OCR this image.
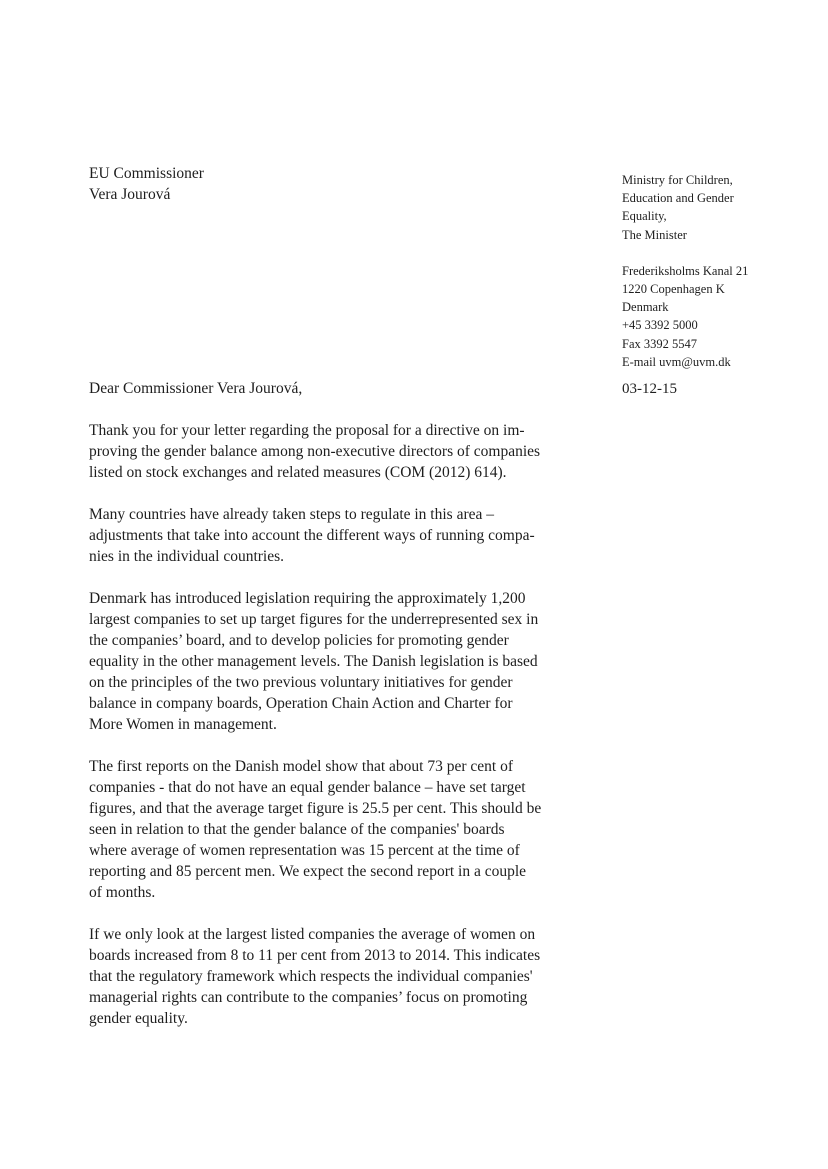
EU Commissioner
Vera Jourová
Ministry for Children,
Education and Gender
Equality,
The Minister
Frederiksholms Kanal 21
1220 Copenhagen K
Denmark
+45 3392 5000
Fax 3392 5547
E-mail uvm@uvm.dk
Dear Commissioner Vera Jourová,	03-12-15

Thank you for your letter regarding the proposal for a directive on im-
proving the gender balance among non-executive directors of companies
listed on stock exchanges and related measures (COM (2012) 614).

Many countries have already taken steps to regulate in this area –
adjustments that take into account the different ways of running compa-
nies in the individual countries.

Denmark has introduced legislation requiring the approximately 1,200
largest companies to set up target figures for the underrepresented sex in
the companies’ board, and to develop policies for promoting gender
equality in the other management levels. The Danish legislation is based
on the principles of the two previous voluntary initiatives for gender
balance in company boards, Operation Chain Action and Charter for
More Women in management.

The first reports on the Danish model show that about 73 per cent of
companies - that do not have an equal gender balance – have set target
figures, and that the average target figure is 25.5 per cent. This should be
seen in relation to that the gender balance of the companies' boards
where average of women representation was 15 percent at the time of
reporting and 85 percent men. We expect the second report in a couple
of months.

If we only look at the largest listed companies the average of women on
boards increased from 8 to 11 per cent from 2013 to 2014. This indicates
that the regulatory framework which respects the individual companies'
managerial rights can contribute to the companies’ focus on promoting
gender equality.
